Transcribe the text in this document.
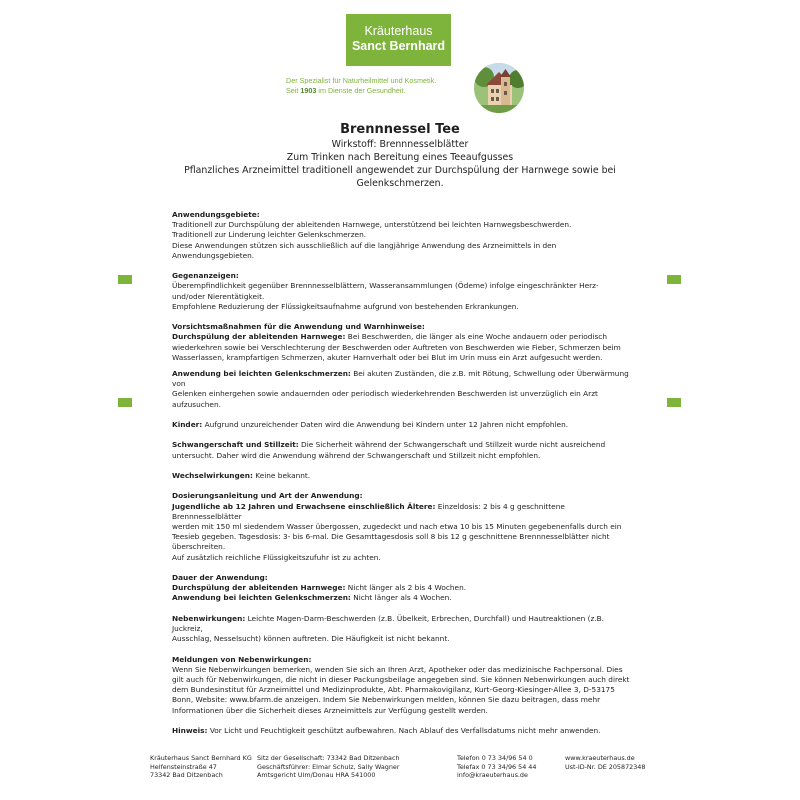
Kräuterhaus
Sanct Bernhard
Der Spezialist für Naturheilmittel und Kosmetik.
Seit 1903 im Dienste der Gesundheit.
Brennnessel Tee
Wirkstoff: Brennnesselblätter
Zum Trinken nach Bereitung eines Teeaufgusses
Pflanzliches Arzneimittel traditionell angewendet zur Durchspülung der Harnwege sowie bei
Gelenkschmerzen.

Anwendungsgebiete:
Traditionell zur Durchspülung der ableitenden Harnwege, unterstützend bei leichten Harnwegsbeschwerden.
Traditionell zur Linderung leichter Gelenkschmerzen.
Diese Anwendungen stützen sich ausschließlich auf die langjährige Anwendung des Arzneimittels in den
Anwendungsgebieten.

Gegenanzeigen:
Überempfindlichkeit gegenüber Brennnesselblättern, Wasseransammlungen (Ödeme) infolge eingeschränkter Herz-
und/oder Nierentätigkeit.
Empfohlene Reduzierung der Flüssigkeitsaufnahme aufgrund von bestehenden Erkrankungen.

Vorsichtsmaßnahmen für die Anwendung und Warnhinweise:
Durchspülung der ableitenden Harnwege: Bei Beschwerden, die länger als eine Woche andauern oder periodisch
wiederkehren sowie bei Verschlechterung der Beschwerden oder Auftreten von Beschwerden wie Fieber, Schmerzen beim
Wasserlassen, krampfartigen Schmerzen, akuter Harnverhalt oder bei Blut im Urin muss ein Arzt aufgesucht werden.

Anwendung bei leichten Gelenkschmerzen: Bei akuten Zuständen, die z.B. mit Rötung, Schwellung oder Überwärmung von
Gelenken einhergehen sowie andauernden oder periodisch wiederkehrenden Beschwerden ist unverzüglich ein Arzt
aufzusuchen.

Kinder: Aufgrund unzureichender Daten wird die Anwendung bei Kindern unter 12 Jahren nicht empfohlen.

Schwangerschaft und Stillzeit: Die Sicherheit während der Schwangerschaft und Stillzeit wurde nicht ausreichend
untersucht. Daher wird die Anwendung während der Schwangerschaft und Stillzeit nicht empfohlen.

Wechselwirkungen: Keine bekannt.

Dosierungsanleitung und Art der Anwendung:
Jugendliche ab 12 Jahren und Erwachsene einschließlich Ältere: Einzeldosis: 2 bis 4 g geschnittene Brennnesselblätter
werden mit 150 ml siedendem Wasser übergossen, zugedeckt und nach etwa 10 bis 15 Minuten gegebenenfalls durch ein
Teesieb gegeben. Tagesdosis: 3- bis 6-mal. Die Gesamttagesdosis soll 8 bis 12 g geschnittene Brennnesselblätter nicht
überschreiten.
Auf zusätzlich reichliche Flüssigkeitszufuhr ist zu achten.

Dauer der Anwendung:
Durchspülung der ableitenden Harnwege: Nicht länger als 2 bis 4 Wochen.
Anwendung bei leichten Gelenkschmerzen: Nicht länger als 4 Wochen.

Nebenwirkungen: Leichte Magen-Darm-Beschwerden (z.B. Übelkeit, Erbrechen, Durchfall) und Hautreaktionen (z.B. Juckreiz,
Ausschlag, Nesselsucht) können auftreten. Die Häufigkeit ist nicht bekannt.

Meldungen von Nebenwirkungen:
Wenn Sie Nebenwirkungen bemerken, wenden Sie sich an Ihren Arzt, Apotheker oder das medizinische Fachpersonal. Dies
gilt auch für Nebenwirkungen, die nicht in dieser Packungsbeilage angegeben sind. Sie können Nebenwirkungen auch direkt
dem Bundesinstitut für Arzneimittel und Medizinprodukte, Abt. Pharmakovigilanz, Kurt-Georg-Kiesinger-Allee 3, D-53175
Bonn, Website: www.bfarm.de anzeigen. Indem Sie Nebenwirkungen melden, können Sie dazu beitragen, dass mehr
Informationen über die Sicherheit dieses Arzneimittels zur Verfügung gestellt werden.

Hinweis: Vor Licht und Feuchtigkeit geschützt aufbewahren. Nach Ablauf des Verfallsdatums nicht mehr anwenden.

Kräuterhaus Sanct Bernhard KG
Helfensteinstraße 47
73342 Bad Ditzenbach
Sitz der Gesellschaft: 73342 Bad Ditzenbach
Geschäftsführer: Elmar Schulz, Sally Wagner
Amtsgericht Ulm/Donau HRA 541000
Telefon 0 73 34/96 54 0
Telefax 0 73 34/96 54 44
info@kraeuterhaus.de
www.kraeuterhaus.de
Ust-ID-Nr. DE 205872348
